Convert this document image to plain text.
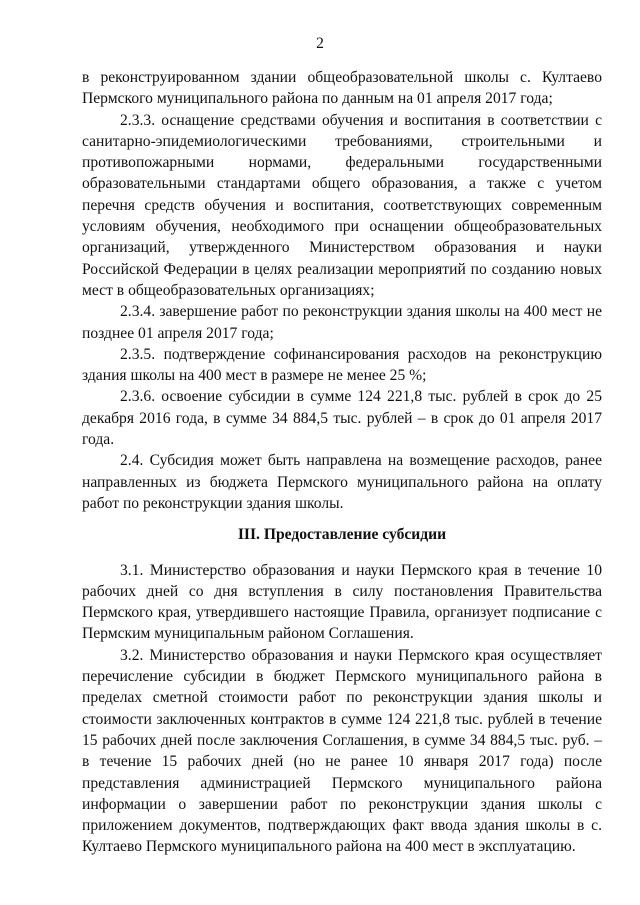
2

в реконструированном здании общеобразовательной школы с. Култаево Пермского муниципального района по данным на 01 апреля 2017 года;

2.3.3. оснащение средствами обучения и воспитания в соответствии с санитарно-эпидемиологическими требованиями, строительными и противопожарными нормами, федеральными государственными образовательными стандартами общего образования, а также с учетом перечня средств обучения и воспитания, соответствующих современным условиям обучения, необходимого при оснащении общеобразовательных организаций, утвержденного Министерством образования и науки Российской Федерации в целях реализации мероприятий по созданию новых мест в общеобразовательных организациях;

2.3.4. завершение работ по реконструкции здания школы на 400 мест не позднее 01 апреля 2017 года;

2.3.5. подтверждение софинансирования расходов на реконструкцию здания школы на 400 мест в размере не менее 25 %;

2.3.6. освоение субсидии в сумме 124 221,8 тыс. рублей в срок до 25 декабря 2016 года, в сумме 34 884,5 тыс. рублей – в срок до 01 апреля 2017 года.

2.4. Субсидия может быть направлена на возмещение расходов, ранее направленных из бюджета Пермского муниципального района на оплату работ по реконструкции здания школы.

III. Предоставление субсидии

3.1. Министерство образования и науки Пермского края в течение 10 рабочих дней со дня вступления в силу постановления Правительства Пермского края, утвердившего настоящие Правила, организует подписание с Пермским муниципальным районом Соглашения.

3.2. Министерство образования и науки Пермского края осуществляет перечисление субсидии в бюджет Пермского муниципального района в пределах сметной стоимости работ по реконструкции здания школы и стоимости заключенных контрактов в сумме 124 221,8 тыс. рублей в течение 15 рабочих дней после заключения Соглашения, в сумме 34 884,5 тыс. руб. – в течение 15 рабочих дней (но не ранее 10 января 2017 года) после представления администрацией Пермского муниципального района информации о завершении работ по реконструкции здания школы с приложением документов, подтверждающих факт ввода здания школы в с. Култаево Пермского муниципального района на 400 мест в эксплуатацию.
